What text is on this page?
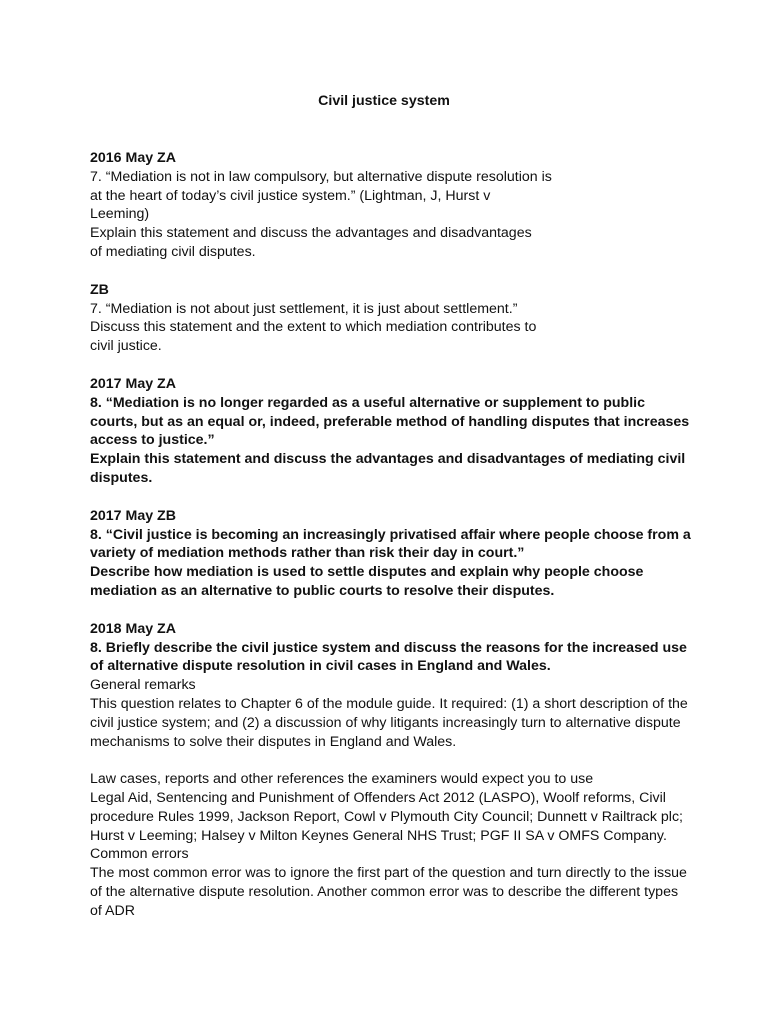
Civil justice system
2016 May ZA
7. “Mediation is not in law compulsory, but alternative dispute resolution is
at the heart of today’s civil justice system.” (Lightman, J, Hurst v
Leeming)
Explain this statement and discuss the advantages and disadvantages
of mediating civil disputes.
ZB
7. “Mediation is not about just settlement, it is just about settlement.”
Discuss this statement and the extent to which mediation contributes to
civil justice.
2017 May ZA
8. “Mediation is no longer regarded as a useful alternative or supplement to public
courts, but as an equal or, indeed, preferable method of handling disputes that increases
access to justice.”
Explain this statement and discuss the advantages and disadvantages of mediating civil
disputes.
2017 May ZB
8. “Civil justice is becoming an increasingly privatised affair where people choose from a
variety of mediation methods rather than risk their day in court.”
Describe how mediation is used to settle disputes and explain why people choose
mediation as an alternative to public courts to resolve their disputes.
2018 May ZA
8. Briefly describe the civil justice system and discuss the reasons for the increased use
of alternative dispute resolution in civil cases in England and Wales.
General remarks
This question relates to Chapter 6 of the module guide. It required: (1) a short description of the
civil justice system; and (2) a discussion of why litigants increasingly turn to alternative dispute
mechanisms to solve their disputes in England and Wales.
Law cases, reports and other references the examiners would expect you to use
Legal Aid, Sentencing and Punishment of Offenders Act 2012 (LASPO), Woolf reforms, Civil
procedure Rules 1999, Jackson Report, Cowl v Plymouth City Council; Dunnett v Railtrack plc;
Hurst v Leeming; Halsey v Milton Keynes General NHS Trust; PGF II SA v OMFS Company.
Common errors
The most common error was to ignore the first part of the question and turn directly to the issue
of the alternative dispute resolution. Another common error was to describe the different types
of ADR
